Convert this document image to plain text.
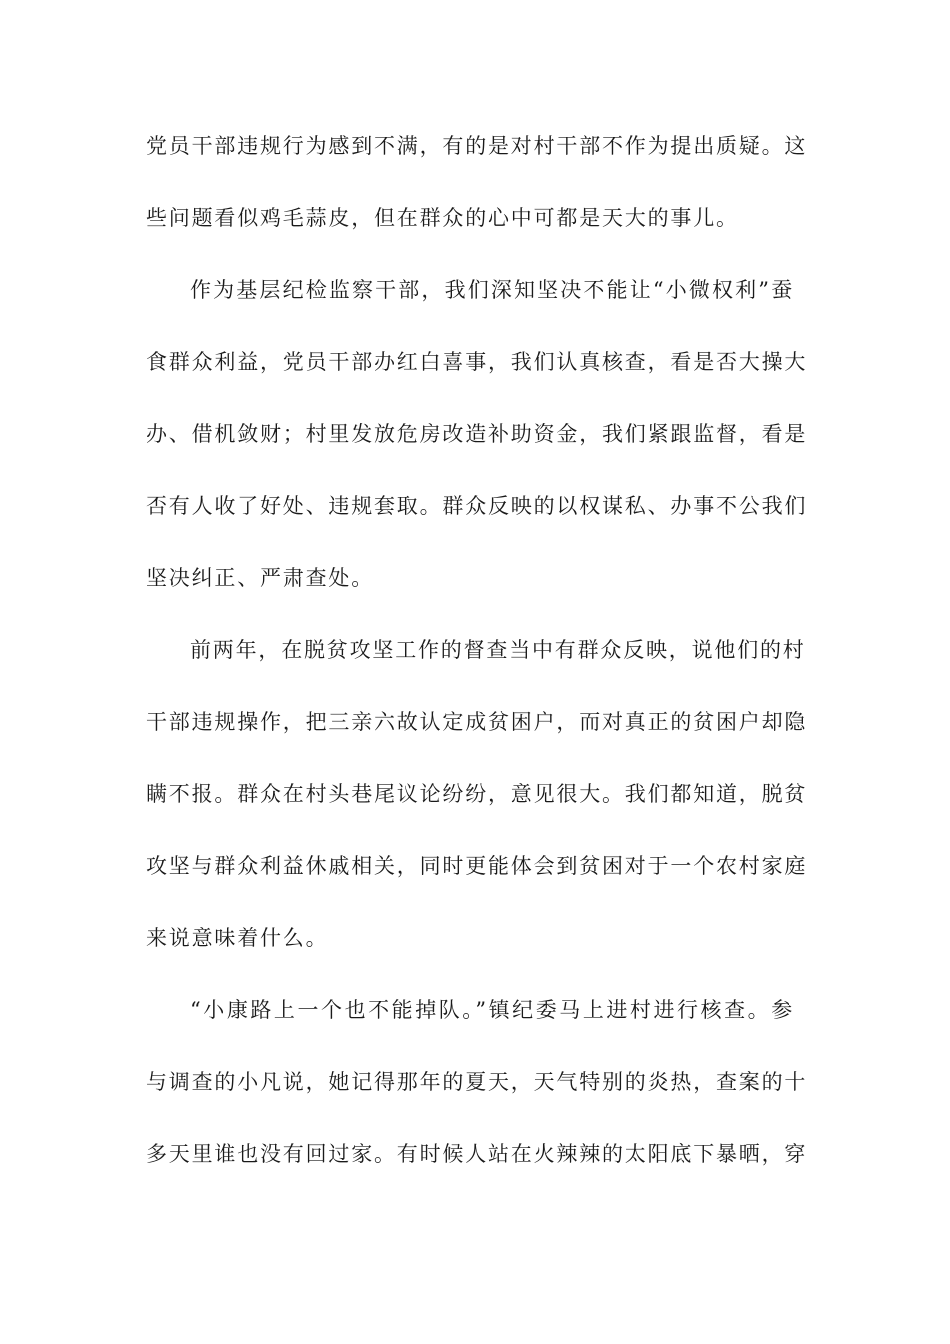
党员干部违规行为感到不满，有的是对村干部不作为提出质疑。这
些问题看似鸡毛蒜皮，但在群众的心中可都是天大的事儿。
作为基层纪检监察干部，我们深知坚决不能让“小微权利”蚕
食群众利益，党员干部办红白喜事，我们认真核查，看是否大操大
办、借机敛财；村里发放危房改造补助资金，我们紧跟监督，看是
否有人收了好处、违规套取。群众反映的以权谋私、办事不公我们
坚决纠正、严肃查处。
前两年，在脱贫攻坚工作的督查当中有群众反映，说他们的村
干部违规操作，把三亲六故认定成贫困户，而对真正的贫困户却隐
瞒不报。群众在村头巷尾议论纷纷，意见很大。我们都知道，脱贫
攻坚与群众利益休戚相关，同时更能体会到贫困对于一个农村家庭
来说意味着什么。
“小康路上一个也不能掉队。”镇纪委马上进村进行核查。参
与调查的小凡说，她记得那年的夏天，天气特别的炎热，查案的十
多天里谁也没有回过家。有时候人站在火辣辣的太阳底下暴晒，穿
